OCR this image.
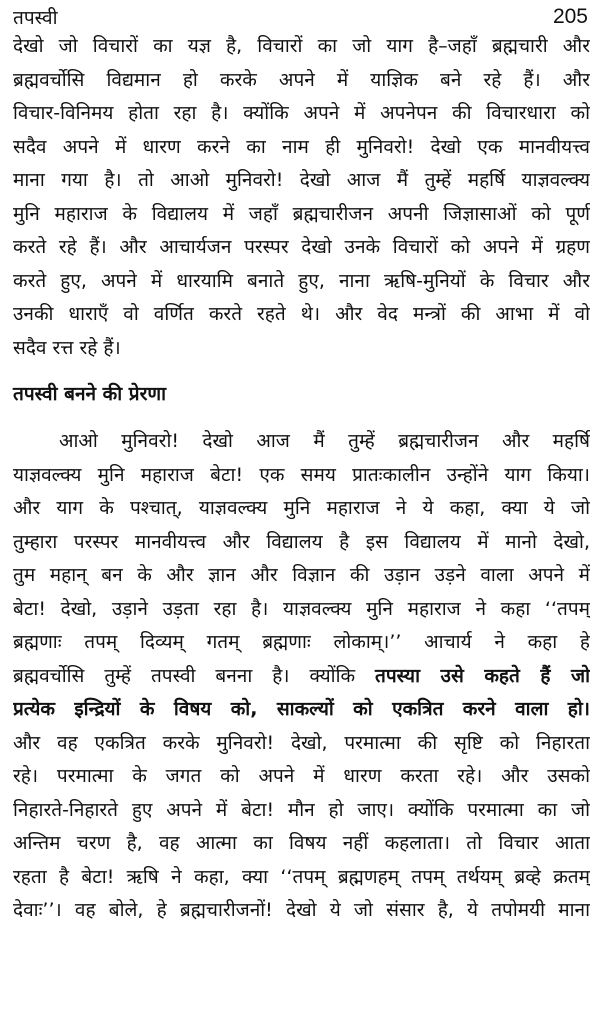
तपस्वी	205
देखो जो विचारों का यज्ञ है, विचारों का जो याग है–जहाँ ब्रह्मचारी और
ब्रह्मवर्चोसि विद्यमान हो करके अपने में याज्ञिक बने रहे हैं। और
विचार-विनिमय होता रहा है। क्योंकि अपने में अपनेपन की विचारधारा को
सदैव अपने में धारण करने का नाम ही मुनिवरो! देखो एक मानवीयत्त्व
माना गया है। तो आओ मुनिवरो! देखो आज मैं तुम्हें महर्षि याज्ञवल्क्य
मुनि महाराज के विद्यालय में जहाँ ब्रह्मचारीजन अपनी जिज्ञासाओं को पूर्ण
करते रहे हैं। और आचार्यजन परस्पर देखो उनके विचारों को अपने में ग्रहण
करते हुए, अपने में धारयामि बनाते हुए, नाना ऋषि-मुनियों के विचार और
उनकी धाराएँ वो वर्णित करते रहते थे। और वेद मन्त्रों की आभा में वो
सदैव रत्त रहे हैं।
तपस्वी बनने की प्रेरणा
आओ मुनिवरो! देखो आज मैं तुम्हें ब्रह्मचारीजन और महर्षि
याज्ञवल्क्य मुनि महाराज बेटा! एक समय प्रातःकालीन उन्होंने याग किया।
और याग के पश्चात्, याज्ञवल्क्य मुनि महाराज ने ये कहा, क्या ये जो
तुम्हारा परस्पर मानवीयत्त्व और विद्यालय है इस विद्यालय में मानो देखो,
तुम महान् बन के और ज्ञान और विज्ञान की उड़ान उड़ने वाला अपने में
बेटा! देखो, उड़ाने उड़ता रहा है। याज्ञवल्क्य मुनि महाराज ने कहा ‘‘तपम्
ब्रह्मणाः तपम् दिव्यम् गतम् ब्रह्मणाः लोकाम्।’’ आचार्य ने कहा हे
ब्रह्मवर्चोसि तुम्हें तपस्वी बनना है। क्योंकि तपस्या उसे कहते हैं जो
प्रत्येक इन्द्रियों के विषय को, साकल्यों को एकत्रित करने वाला हो।
और वह एकत्रित करके मुनिवरो! देखो, परमात्मा की सृष्टि को निहारता
रहे। परमात्मा के जगत को अपने में धारण करता रहे। और उसको
निहारते-निहारते हुए अपने में बेटा! मौन हो जाए। क्योंकि परमात्मा का जो
अन्तिम चरण है, वह आत्मा का विषय नहीं कहलाता। तो विचार आता
रहता है बेटा! ऋषि ने कहा, क्या ‘‘तपम् ब्रह्मणहम् तपम् तर्थयम् ब्रव्हे क्रतम्
देवाः’’। वह बोले, हे ब्रह्मचारीजनों! देखो ये जो संसार है, ये तपोमयी माना
